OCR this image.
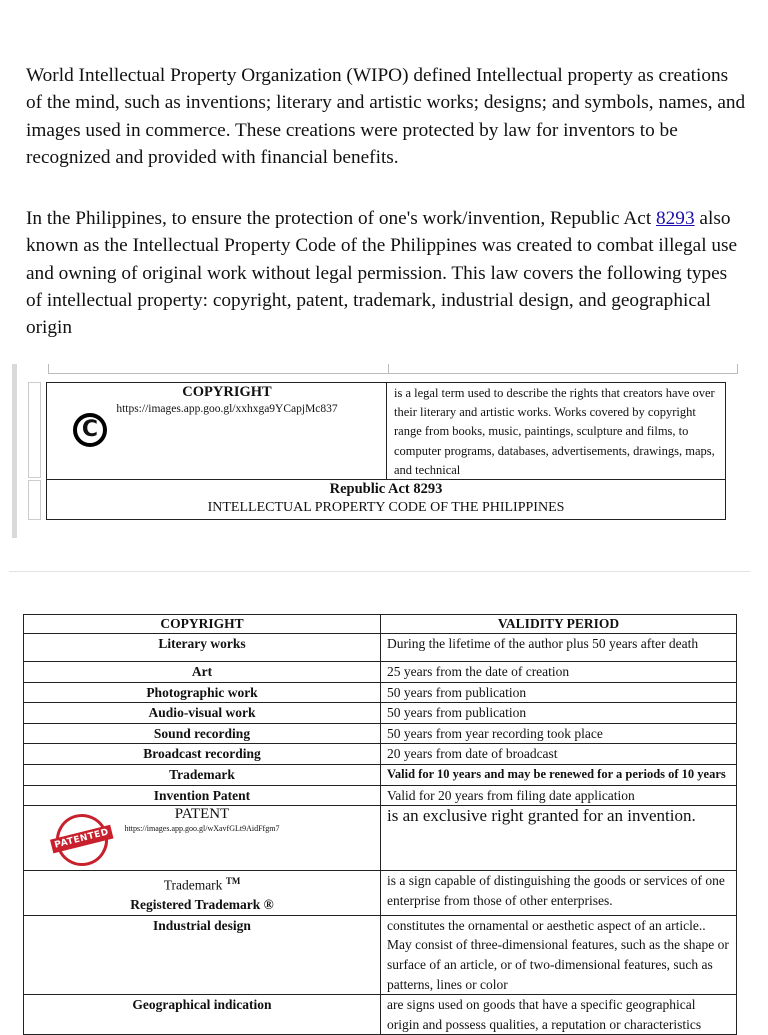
World Intellectual Property Organization (WIPO) defined Intellectual property as creations of the mind, such as inventions; literary and artistic works; designs; and symbols, names, and images used in commerce. These creations were protected by law for inventors to be recognized and provided with financial benefits.

In the Philippines, to ensure the protection of one's work/invention, Republic Act 8293 also known as the Intellectual Property Code of the Philippines was created to combat illegal use and owning of original work without legal permission. This law covers the following types of intellectual property: copyright, patent, trademark, industrial design, and geographical origin

COPYRIGHT
https://images.app.goo.gl/xxhxga9YCapjMc837
C
is a legal term used to describe the rights that creators have over their literary and artistic works. Works covered by copyright range from books, music, paintings, sculpture and films, to computer programs, databases, advertisements, drawings, maps, and technical
Republic Act 8293
INTELLECTUAL PROPERTY CODE OF THE PHILIPPINES
COPYRIGHT	VALIDITY PERIOD
Literary works	During the lifetime of the author plus 50 years after death
Art	25 years from the date of creation
Photographic work	50 years from publication
Audio-visual work	50 years from publication
Sound recording	50 years from year recording took place
Broadcast recording	20 years from date of broadcast
Trademark	Valid for 10 years and may be renewed for a periods of 10 years
Invention Patent	Valid for 20 years from filing date application

PATENT
https://images.app.goo.gl/wXavfGLt9AidFfgm7	is an exclusive right granted for an invention.

Trademark ™
Registered Trademark ®	is a sign capable of distinguishing the goods or services of one enterprise from those of other enterprises.
Industrial design	constitutes the ornamental or aesthetic aspect of an article.. May consist of three-dimensional features, such as the shape or surface of an article, or of two-dimensional features, such as patterns, lines or color
Geographical indication	are signs used on goods that have a specific geographical origin and possess qualities, a reputation or characteristics
PATENTED
